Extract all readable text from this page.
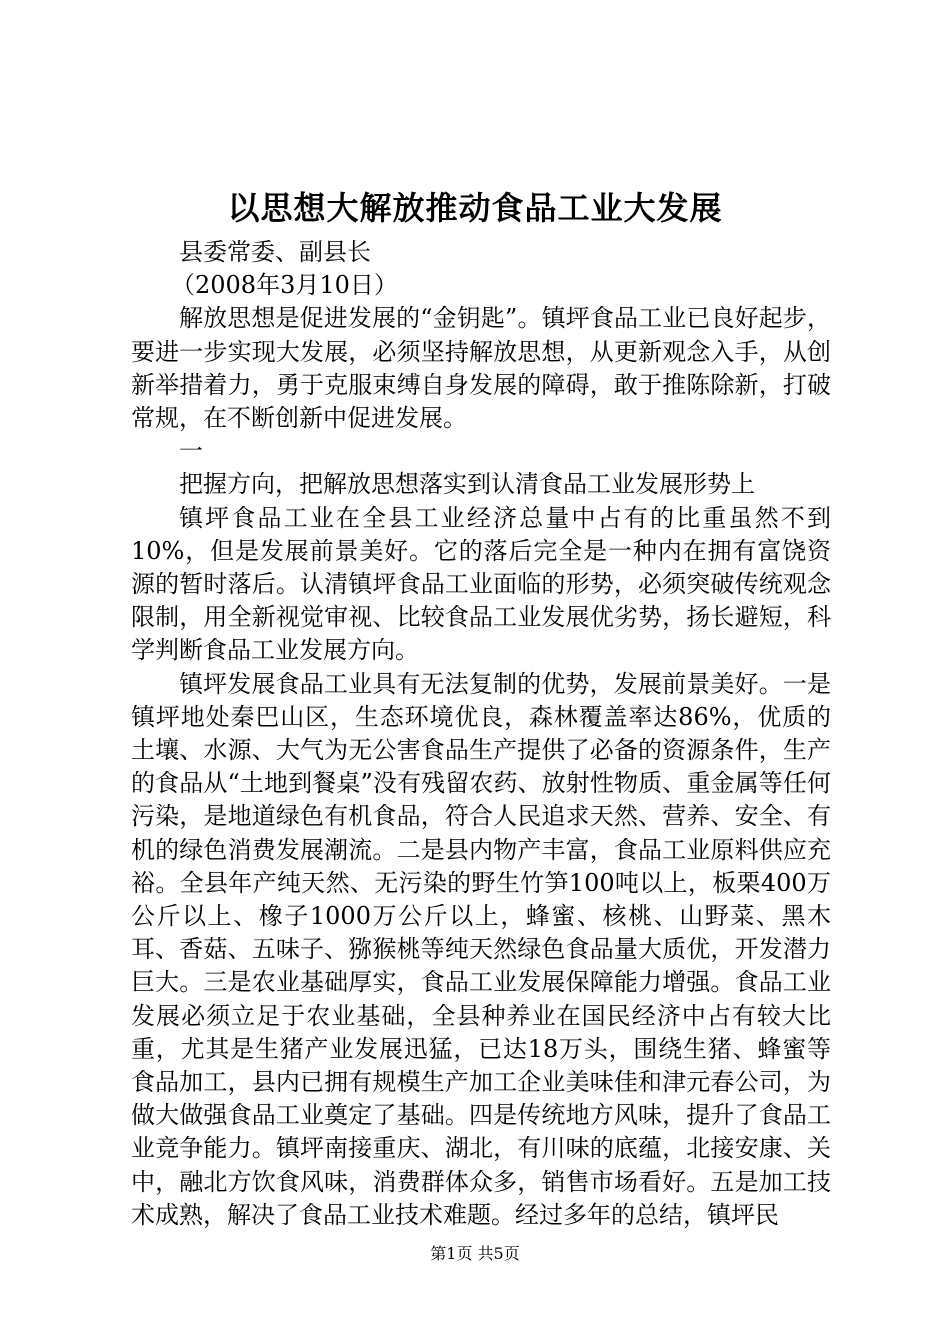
以思想大解放推动食品工业大发展

县委常委、副县长

（2008年3月10日）

解放思想是促进发展的“金钥匙”。镇坪食品工业已良好起步，要进一步实现大发展，必须坚持解放思想，从更新观念入手，从创新举措着力，勇于克服束缚自身发展的障碍，敢于推陈除新，打破常规，在不断创新中促进发展。

一

把握方向，把解放思想落实到认清食品工业发展形势上

镇坪食品工业在全县工业经济总量中占有的比重虽然不到10%，但是发展前景美好。它的落后完全是一种内在拥有富饶资源的暂时落后。认清镇坪食品工业面临的形势，必须突破传统观念限制，用全新视觉审视、比较食品工业发展优劣势，扬长避短，科学判断食品工业发展方向。

镇坪发展食品工业具有无法复制的优势，发展前景美好。一是镇坪地处秦巴山区，生态环境优良，森林覆盖率达86%，优质的土壤、水源、大气为无公害食品生产提供了必备的资源条件，生产的食品从“土地到餐桌”没有残留农药、放射性物质、重金属等任何污染，是地道绿色有机食品，符合人民追求天然、营养、安全、有机的绿色消费发展潮流。二是县内物产丰富，食品工业原料供应充裕。全县年产纯天然、无污染的野生竹笋100吨以上，板栗400万公斤以上、橡子1000万公斤以上，蜂蜜、核桃、山野菜、黑木耳、香菇、五味子、猕猴桃等纯天然绿色食品量大质优，开发潜力巨大。三是农业基础厚实，食品工业发展保障能力增强。食品工业发展必须立足于农业基础，全县种养业在国民经济中占有较大比重，尤其是生猪产业发展迅猛，已达18万头，围绕生猪、蜂蜜等食品加工，县内已拥有规模生产加工企业美味佳和津元春公司，为做大做强食品工业奠定了基础。四是传统地方风味，提升了食品工业竞争能力。镇坪南接重庆、湖北，有川味的底蕴，北接安康、关中，融北方饮食风味，消费群体众多，销售市场看好。五是加工技术成熟，解决了食品工业技术难题。经过多年的总结，镇坪民

第1页 共5页
